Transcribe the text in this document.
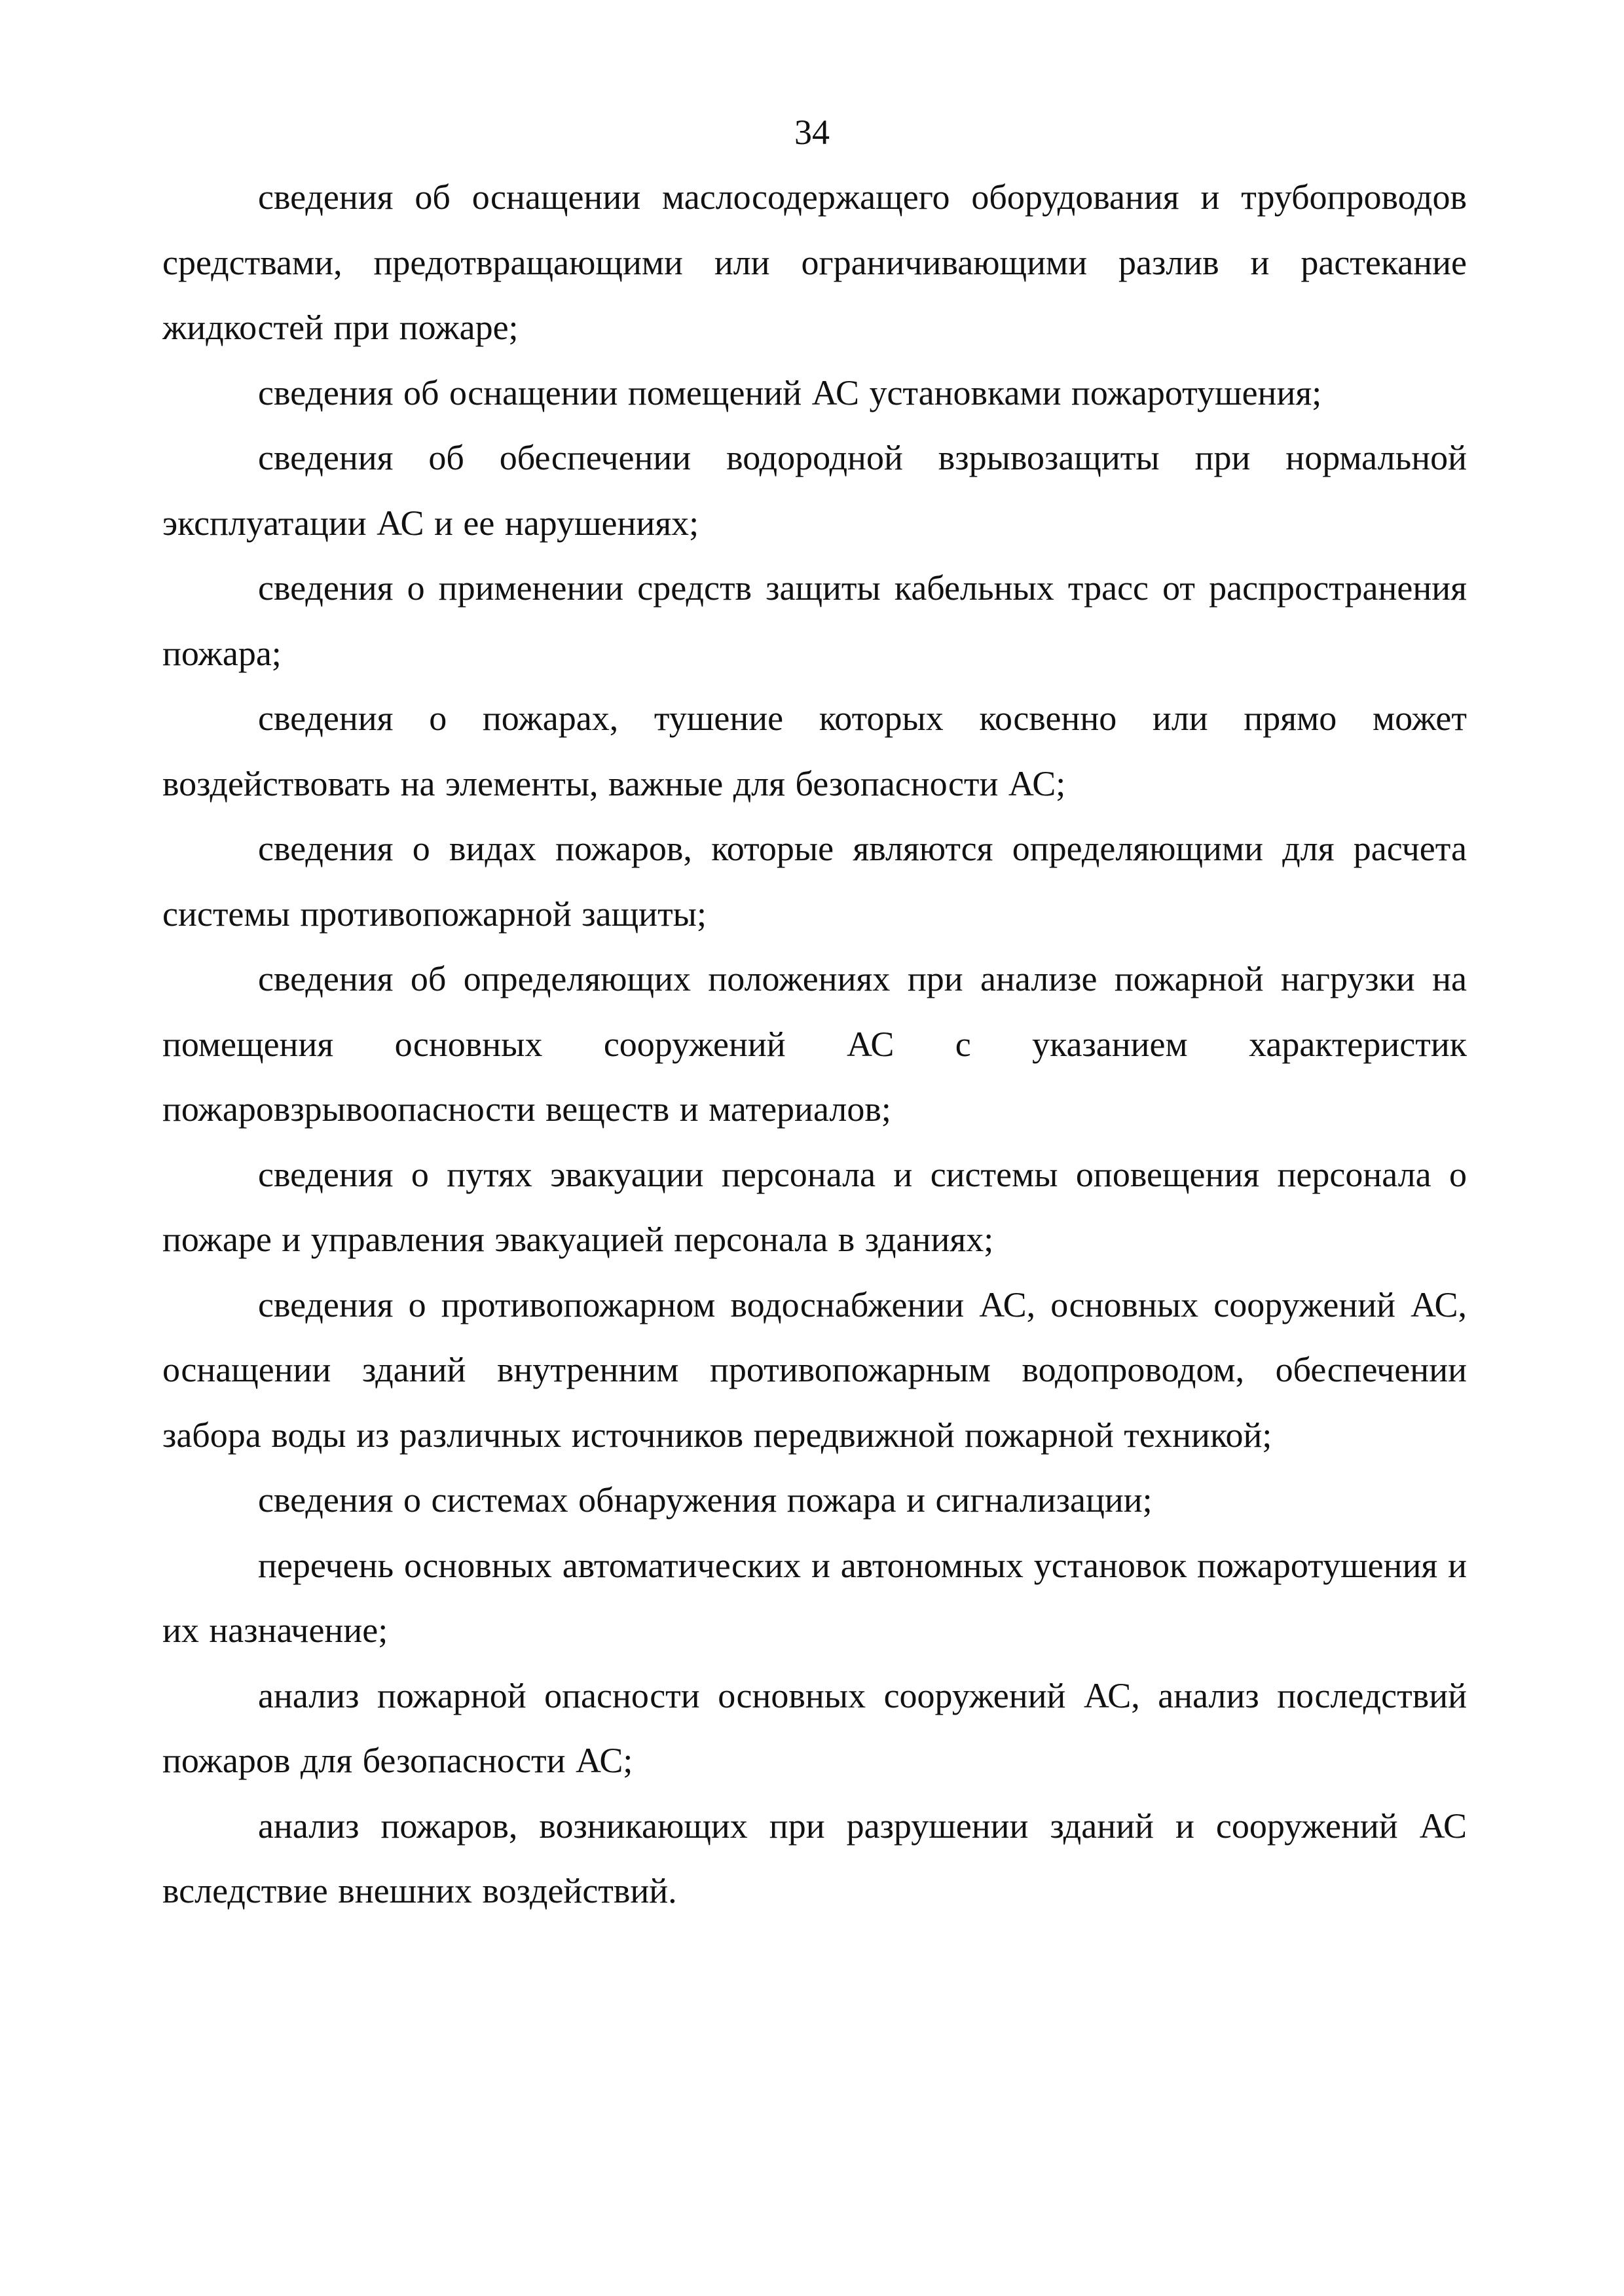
34

сведения об оснащении маслосодержащего оборудования и трубопроводов средствами, предотвращающими или ограничивающими разлив и растекание жидкостей при пожаре;

сведения об оснащении помещений АС установками пожаротушения;

сведения об обеспечении водородной взрывозащиты при нормальной эксплуатации АС и ее нарушениях;

сведения о применении средств защиты кабельных трасс от распространения пожара;

сведения о пожарах, тушение которых косвенно или прямо может воздействовать на элементы, важные для безопасности АС;

сведения о видах пожаров, которые являются определяющими для расчета системы противопожарной защиты;

сведения об определяющих положениях при анализе пожарной нагрузки на помещения основных сооружений АС с указанием характеристик пожаровзрывоопасности веществ и материалов;

сведения о путях эвакуации персонала и системы оповещения персонала о пожаре и управления эвакуацией персонала в зданиях;

сведения о противопожарном водоснабжении АС, основных сооружений АС, оснащении зданий внутренним противопожарным водопроводом, обеспечении забора воды из различных источников передвижной пожарной техникой;

сведения о системах обнаружения пожара и сигнализации;

перечень основных автоматических и автономных установок пожаротушения и их назначение;

анализ пожарной опасности основных сооружений АС, анализ последствий пожаров для безопасности АС;

анализ пожаров, возникающих при разрушении зданий и сооружений АС вследствие внешних воздействий.
